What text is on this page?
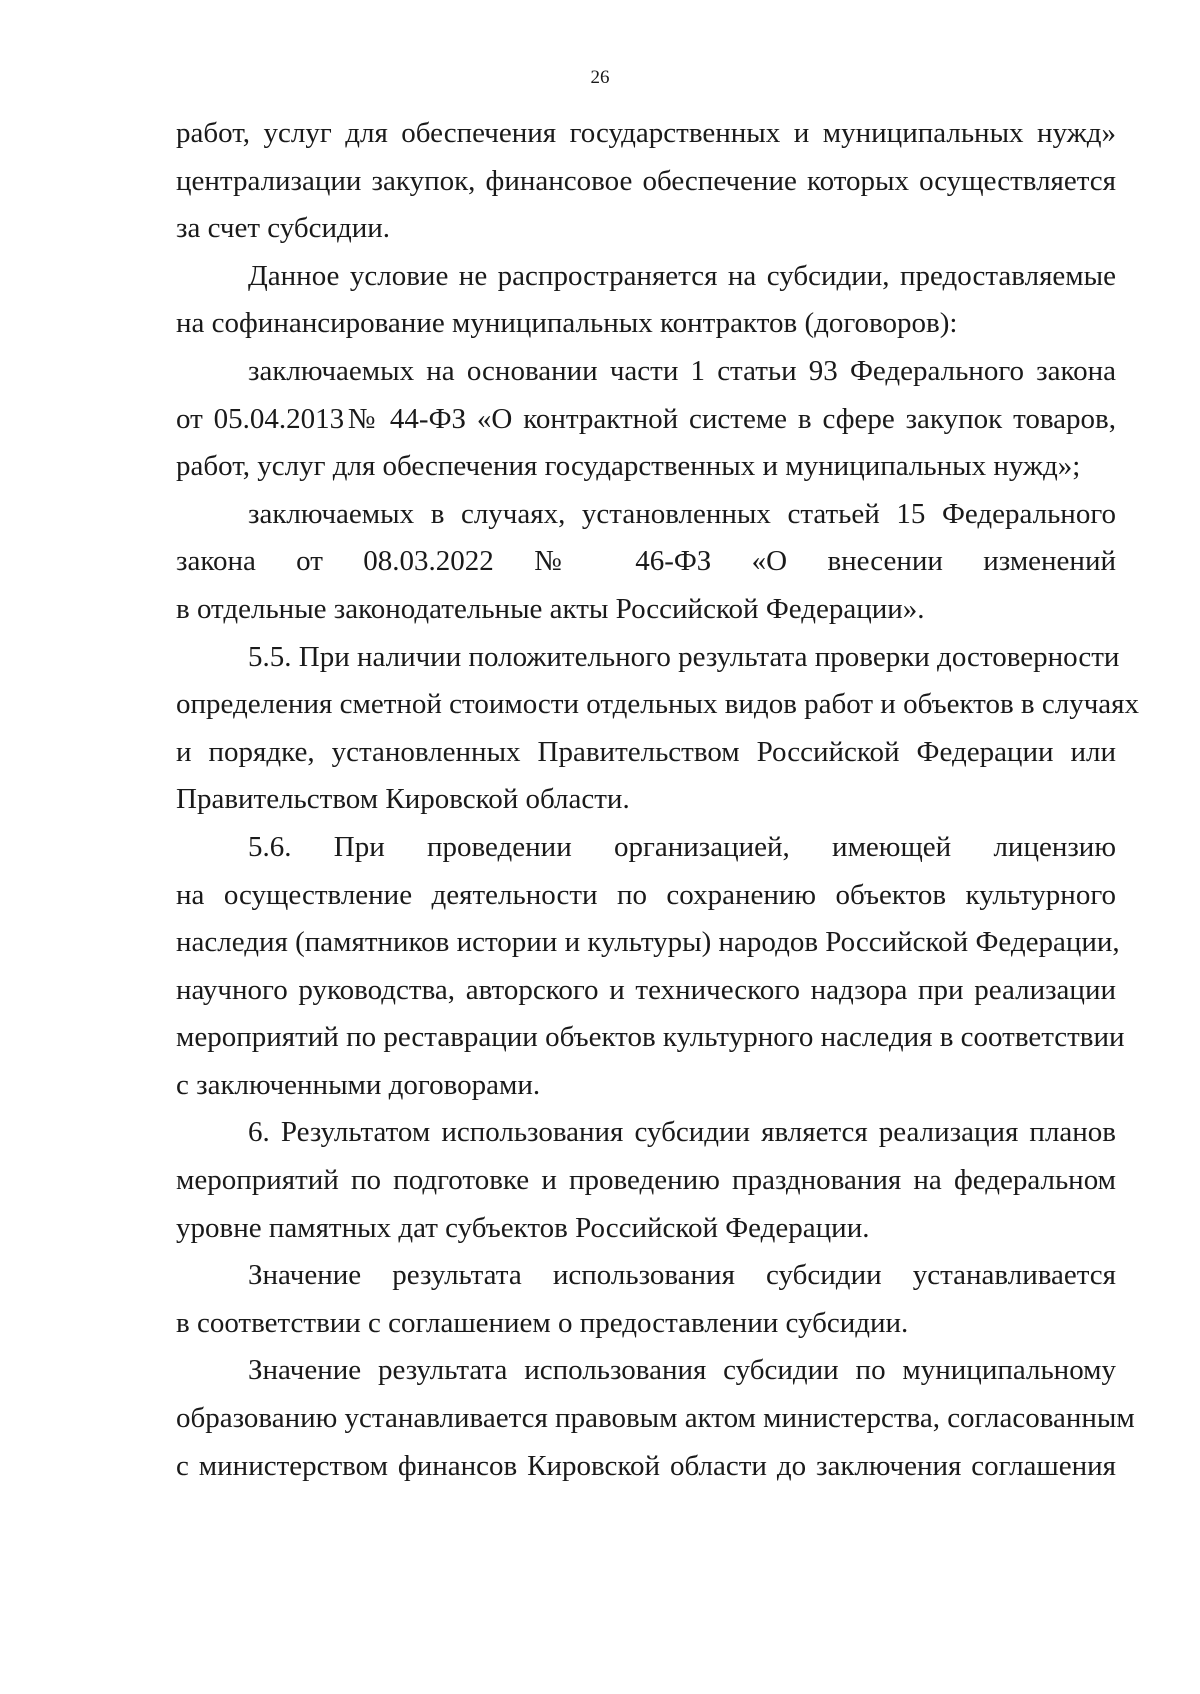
26
работ, услуг для обеспечения государственных и муниципальных нужд»
централизации закупок, финансовое обеспечение которых осуществляется
за счет субсидии.
Данное условие не распространяется на субсидии, предоставляемые
на софинансирование муниципальных контрактов (договоров):
заключаемых на основании части 1 статьи 93 Федерального закона
от 05.04.2013№ 44-ФЗ «О контрактной системе в сфере закупок товаров,
работ, услуг для обеспечения государственных и муниципальных нужд»;
заключаемых в случаях, установленных статьей 15 Федерального
закона от 08.03.2022 № 46-ФЗ «О внесении изменений
в отдельные законодательные акты Российской Федерации».
5.5. При наличии положительного результата проверки достоверности
определения сметной стоимости отдельных видов работ и объектов в случаях
и порядке, установленных Правительством Российской Федерации или
Правительством Кировской области.
5.6. При проведении организацией, имеющей лицензию
на осуществление деятельности по сохранению объектов культурного
наследия (памятников истории и культуры) народов Российской Федерации,
научного руководства, авторского и технического надзора при реализации
мероприятий по реставрации объектов культурного наследия в соответствии
с заключенными договорами.
6. Результатом использования субсидии является реализация планов
мероприятий по подготовке и проведению празднования на федеральном
уровне памятных дат субъектов Российской Федерации.
Значение результата использования субсидии устанавливается
в соответствии с соглашением о предоставлении субсидии.
Значение результата использования субсидии по муниципальному
образованию устанавливается правовым актом министерства, согласованным
с министерством финансов Кировской области до заключения соглашения
